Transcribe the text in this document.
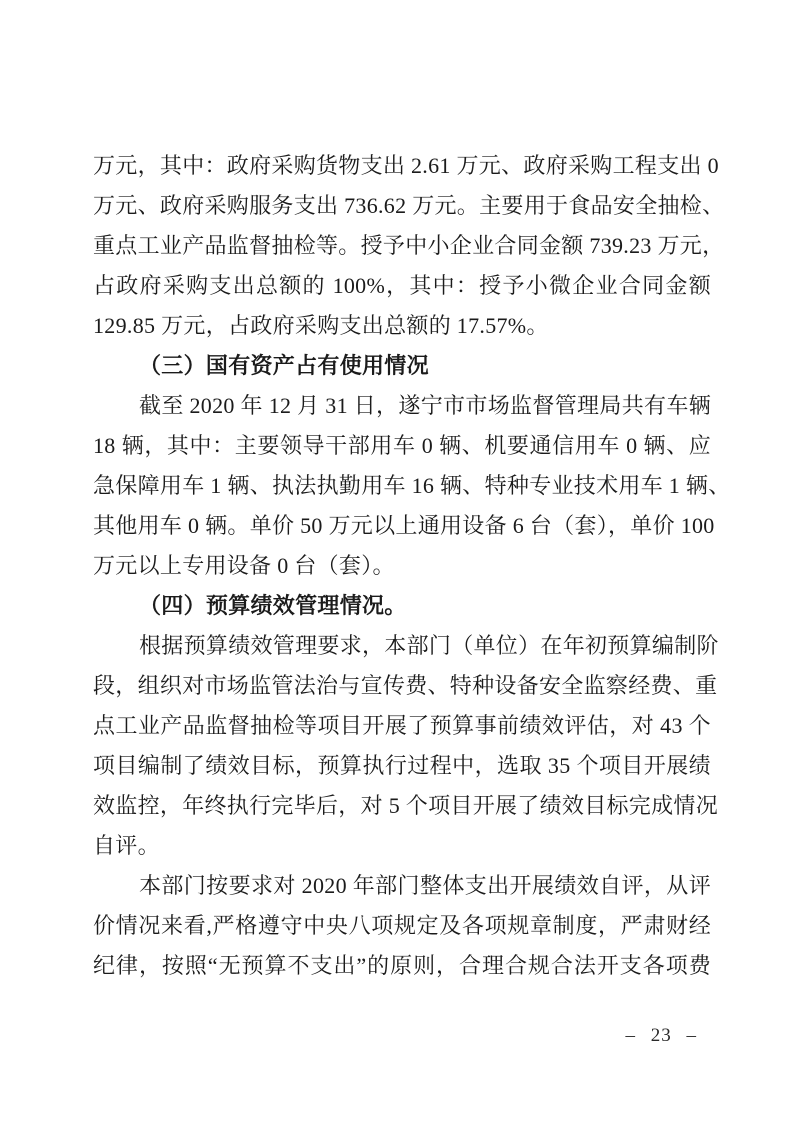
万元，其中：政府采购货物支出 2.61 万元、政府采购工程支出 0
万元、政府采购服务支出 736.62 万元。主要用于食品安全抽检、
重点工业产品监督抽检等。授予中小企业合同金额 739.23 万元，
占政府采购支出总额的 100%，其中：授予小微企业合同金额
129.85 万元，占政府采购支出总额的 17.57%。
（三）国有资产占有使用情况
截至 2020 年 12 月 31 日，遂宁市市场监督管理局共有车辆
18 辆，其中：主要领导干部用车 0 辆、机要通信用车 0 辆、应
急保障用车 1 辆、执法执勤用车 16 辆、特种专业技术用车 1 辆、
其他用车 0 辆。单价 50 万元以上通用设备 6 台（套），单价 100
万元以上专用设备 0 台（套）。
（四）预算绩效管理情况。
根据预算绩效管理要求，本部门（单位）在年初预算编制阶
段，组织对市场监管法治与宣传费、特种设备安全监察经费、重
点工业产品监督抽检等项目开展了预算事前绩效评估，对 43 个
项目编制了绩效目标，预算执行过程中，选取 35 个项目开展绩
效监控，年终执行完毕后，对 5 个项目开展了绩效目标完成情况
自评。
本部门按要求对 2020 年部门整体支出开展绩效自评，从评
价情况来看,严格遵守中央八项规定及各项规章制度，严肃财经
纪律，按照“无预算不支出”的原则，合理合规合法开支各项费
– 23 –
